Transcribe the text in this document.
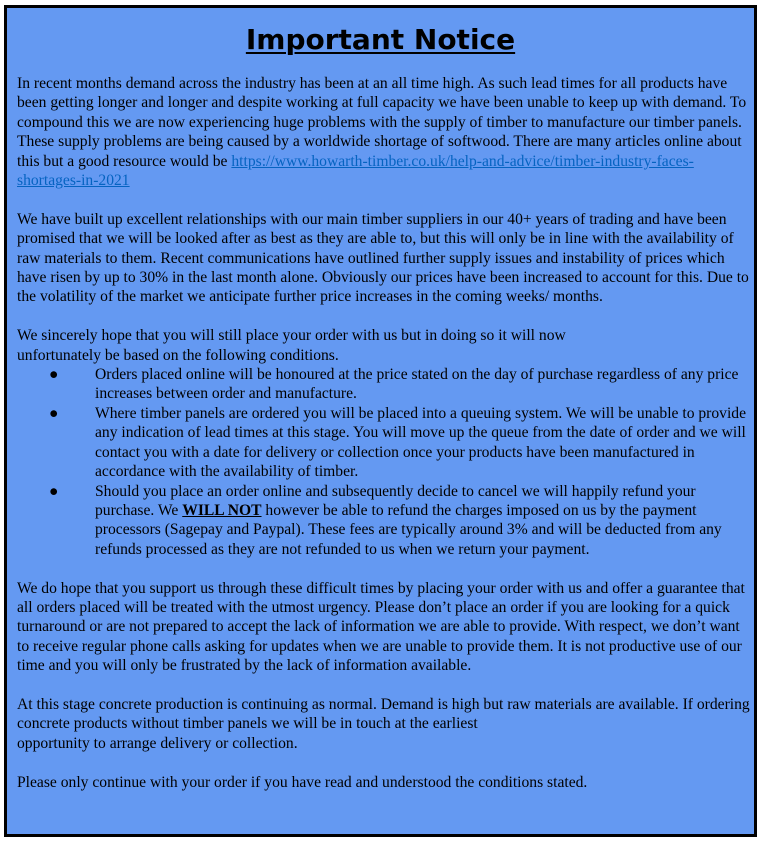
Important Notice

In recent months demand across the industry has been at an all time high. As such lead times for all products have been getting longer and longer and despite working at full capacity we have been unable to keep up with demand. To compound this we are now experiencing huge problems with the supply of timber to manufacture our timber panels. These supply problems are being caused by a worldwide shortage of softwood. There are many articles online about this but a good resource would be https://www.howarth-timber.co.uk/help-and-advice/timber-industry-faces-shortages-in-2021

We have built up excellent relationships with our main timber suppliers in our 40+ years of trading and have been promised that we will be looked after as best as they are able to, but this will only be in line with the availability of raw materials to them. Recent communications have outlined further supply issues and instability of prices which have risen by up to 30% in the last month alone. Obviously our prices have been increased to account for this. Due to the volatility of the market we anticipate further price increases in the coming weeks/ months.

We sincerely hope that you will still place your order with us but in doing so it will now
unfortunately be based on the following conditions.

● Orders placed online will be honoured at the price stated on the day of purchase regardless of any price increases between order and manufacture.
● Where timber panels are ordered you will be placed into a queuing system. We will be unable to provide any indication of lead times at this stage. You will move up the queue from the date of order and we will contact you with a date for delivery or collection once your products have been manufactured in accordance with the availability of timber.
● Should you place an order online and subsequently decide to cancel we will happily refund your purchase. We WILL NOT however be able to refund the charges imposed on us by the payment processors (Sagepay and Paypal). These fees are typically around 3% and will be deducted from any refunds processed as they are not refunded to us when we return your payment.

We do hope that you support us through these difficult times by placing your order with us and offer a guarantee that all orders placed will be treated with the utmost urgency. Please don’t place an order if you are looking for a quick turnaround or are not prepared to accept the lack of information we are able to provide. With respect, we don’t want to receive regular phone calls asking for updates when we are unable to provide them. It is not productive use of our time and you will only be frustrated by the lack of information available.

At this stage concrete production is continuing as normal. Demand is high but raw materials are available. If ordering concrete products without timber panels we will be in touch at the earliest
opportunity to arrange delivery or collection.

Please only continue with your order if you have read and understood the conditions stated.
